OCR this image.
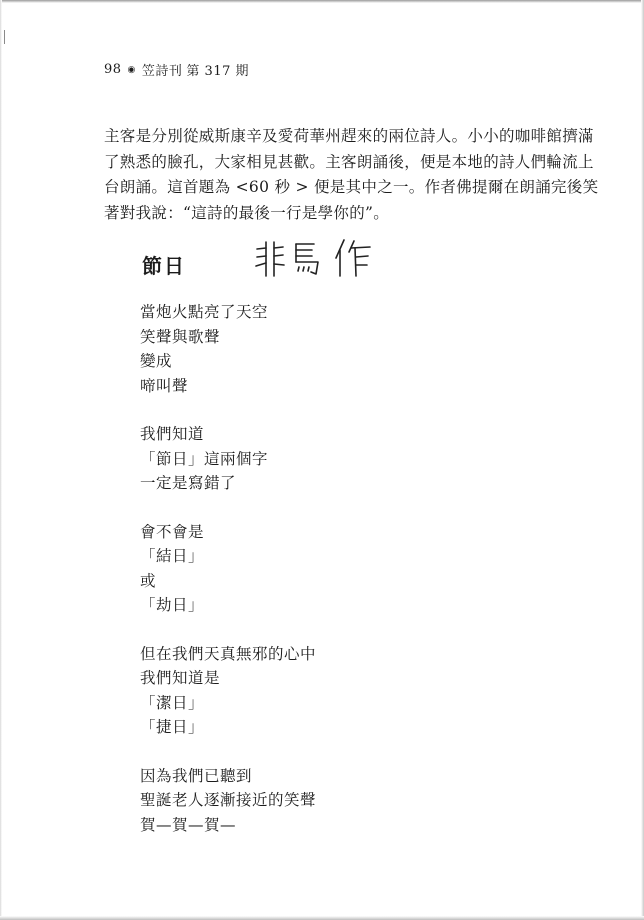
98 ◉ 笠詩刊 第 317 期

主客是分別從威斯康辛及愛荷華州趕來的兩位詩人。小小的咖啡館擠滿了熟悉的臉孔，大家相見甚歡。主客朗誦後，便是本地的詩人們輪流上台朗誦。這首題為 <60 秒 > 便是其中之一。作者佛提爾在朗誦完後笑著對我說：“這詩的最後一行是學你的”。

節日
當炮火點亮了天空
笑聲與歌聲
變成
啼叫聲
我們知道
「節日」這兩個字
一定是寫錯了
會不會是
「結日」
或
「劫日」
但在我們天真無邪的心中
我們知道是
「潔日」
「捷日」
因為我們已聽到
聖誕老人逐漸接近的笑聲
賀—賀—賀—
